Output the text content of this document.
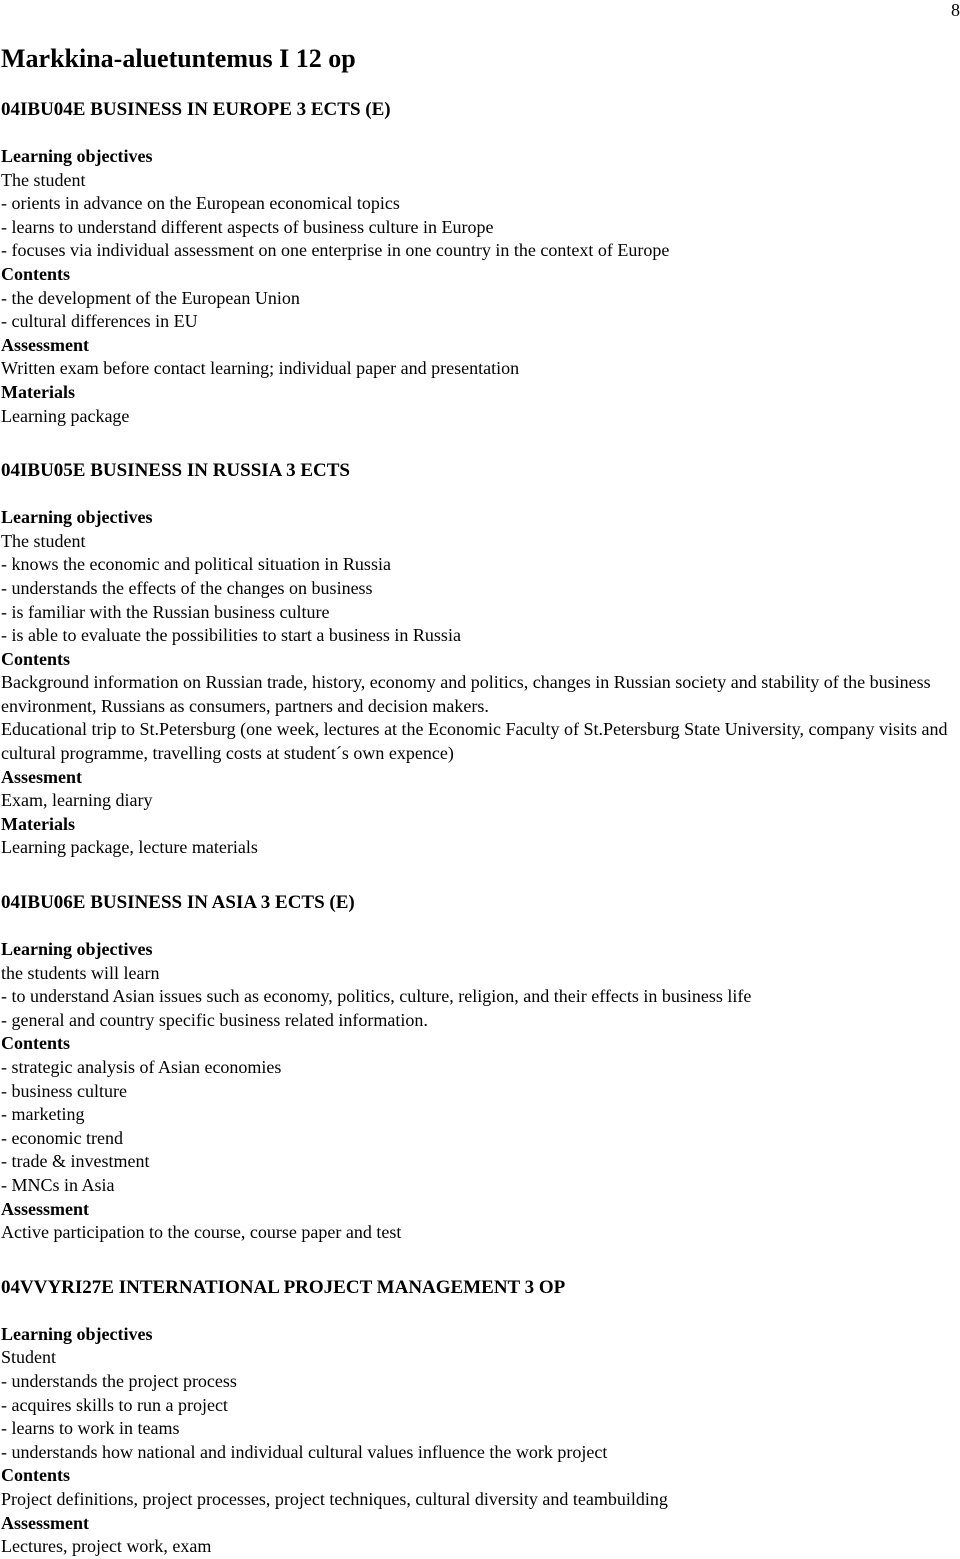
8
Markkina-aluetuntemus I 12 op
04IBU04E BUSINESS IN EUROPE 3 ECTS (E)
Learning objectives
The student
- orients in advance on the European economical topics
- learns to understand different aspects of business culture in Europe
- focuses via individual assessment on one enterprise in one country in the context of Europe
Contents
- the development of the European Union
- cultural differences in EU
Assessment
Written exam before contact learning; individual paper and presentation
Materials
Learning package
04IBU05E BUSINESS IN RUSSIA 3 ECTS
Learning objectives
The student
- knows the economic and political situation in Russia
- understands the effects of the changes on business
- is familiar with the Russian business culture
- is able to evaluate the possibilities to start a business in Russia
Contents
Background information on Russian trade, history, economy and politics, changes in Russian society and stability of the business environment, Russians as consumers, partners and decision makers.
Educational trip to St.Petersburg (one week, lectures at the Economic Faculty of St.Petersburg State University, company visits and cultural programme, travelling costs at student´s own expence)
Assesment
Exam, learning diary
Materials
Learning package, lecture materials
04IBU06E BUSINESS IN ASIA 3 ECTS (E)
Learning objectives
the students will learn
- to understand Asian issues such as economy, politics, culture, religion, and their effects in business life
- general and country specific business related information.
Contents
- strategic analysis of Asian economies
- business culture
- marketing
- economic trend
- trade & investment
- MNCs in Asia
Assessment
Active participation to the course, course paper and test
04VVYRI27E INTERNATIONAL PROJECT MANAGEMENT 3 OP
Learning objectives
Student
- understands the project process
- acquires skills to run a project
- learns to work in teams
- understands how national and individual cultural values influence the work project
Contents
Project definitions, project processes, project techniques, cultural diversity and teambuilding
Assessment
Lectures, project work, exam
